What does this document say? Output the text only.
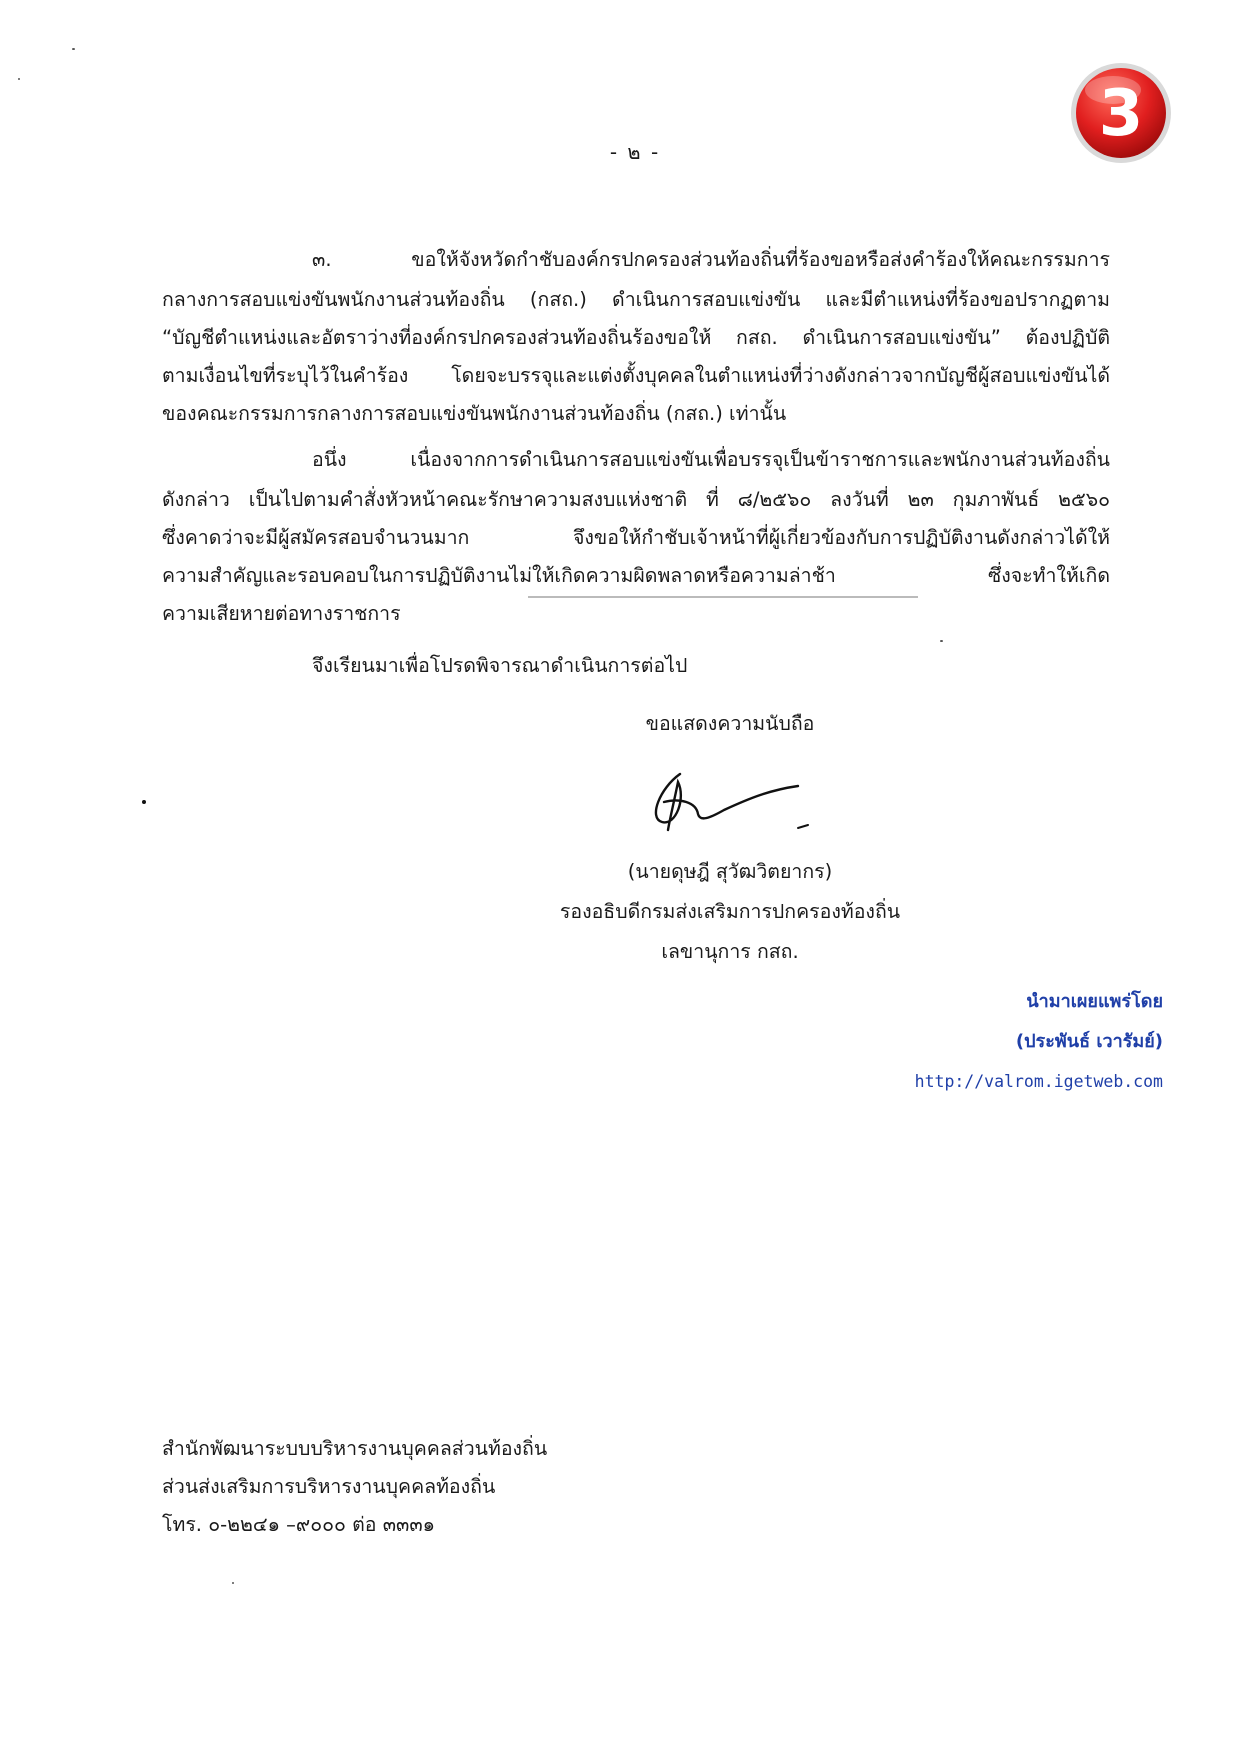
3
- ๒ -
๓. ขอให้จังหวัดกำชับองค์กรปกครองส่วนท้องถิ่นที่ร้องขอหรือส่งคำร้องให้คณะกรรมการ
กลางการสอบแข่งขันพนักงานส่วนท้องถิ่น (กสถ.) ดำเนินการสอบแข่งขัน และมีตำแหน่งที่ร้องขอปรากฏตาม
“บัญชีตำแหน่งและอัตราว่างที่องค์กรปกครองส่วนท้องถิ่นร้องขอให้ กสถ. ดำเนินการสอบแข่งขัน” ต้องปฏิบัติ
ตามเงื่อนไขที่ระบุไว้ในคำร้อง โดยจะบรรจุและแต่งตั้งบุคคลในตำแหน่งที่ว่างดังกล่าวจากบัญชีผู้สอบแข่งขันได้
ของคณะกรรมการกลางการสอบแข่งขันพนักงานส่วนท้องถิ่น (กสถ.) เท่านั้น
อนึ่ง เนื่องจากการดำเนินการสอบแข่งขันเพื่อบรรจุเป็นข้าราชการและพนักงานส่วนท้องถิ่น
ดังกล่าว เป็นไปตามคำสั่งหัวหน้าคณะรักษาความสงบแห่งชาติ ที่ ๘/๒๕๖๐ ลงวันที่ ๒๓ กุมภาพันธ์ ๒๕๖๐
ซึ่งคาดว่าจะมีผู้สมัครสอบจำนวนมาก จึงขอให้กำชับเจ้าหน้าที่ผู้เกี่ยวข้องกับการปฏิบัติงานดังกล่าวได้ให้
ความสำคัญและรอบคอบในการปฏิบัติงานไม่ให้เกิดความผิดพลาดหรือความล่าช้า ซึ่งจะทำให้เกิด
ความเสียหายต่อทางราชการ
จึงเรียนมาเพื่อโปรดพิจารณาดำเนินการต่อไป
ขอแสดงความนับถือ
(นายดุษฎี สุวัฒวิตยากร)
รองอธิบดีกรมส่งเสริมการปกครองท้องถิ่น
เลขานุการ กสถ.
นำมาเผยแพร่โดย
(ประพันธ์ เวารัมย์)
http://valrom.igetweb.com
สำนักพัฒนาระบบบริหารงานบุคคลส่วนท้องถิ่น
ส่วนส่งเสริมการบริหารงานบุคคลท้องถิ่น
โทร. ๐-๒๒๔๑ –๙๐๐๐ ต่อ ๓๓๓๑
